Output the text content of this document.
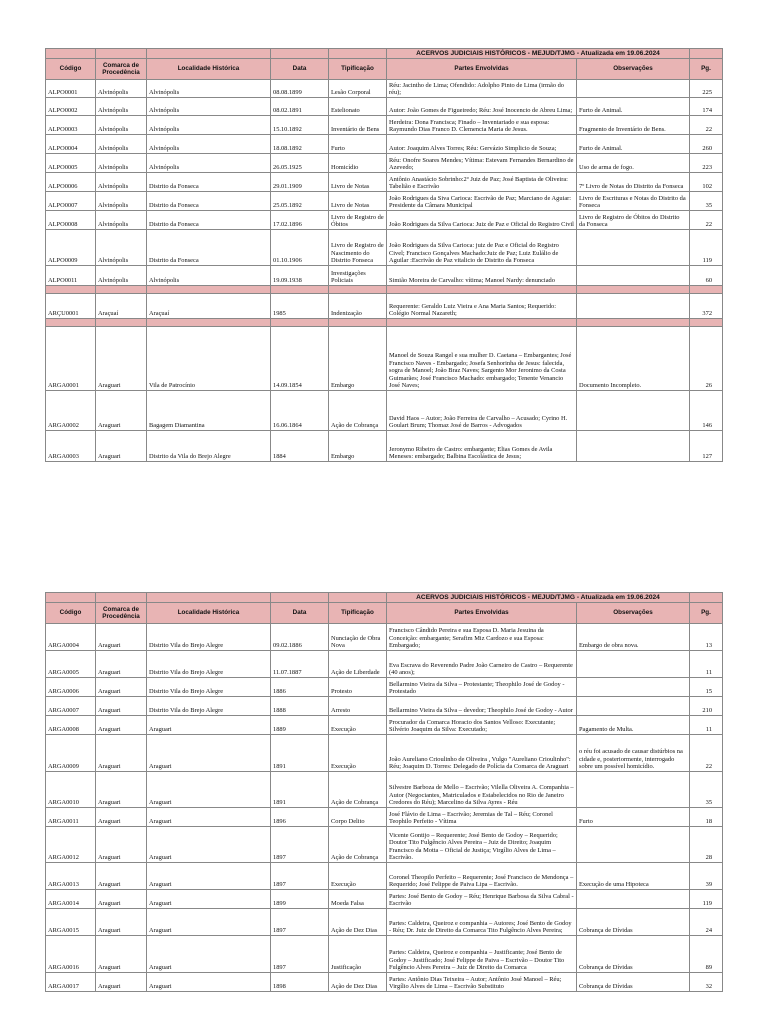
					ACERVOS JUDICIAIS HISTÓRICOS - MEJUD/TJMG - Atualizada em 19.06.2024		
Código	Comarca de Procedência	Localidade Histórica	Data	Tipificação	Partes Envolvidas	Observações	Pg.
ALPO0001	Alvinópolis	Alvinópolis	08.08.1899	Lesão Corporal	Réu: Jacintho de Lima; Ofendido: Adolpho Pinto de Lima (irmão do réu);		225
ALPO0002	Alvinópolis	Alvinópolis	08.02.1891	Estelionato	Autor: João Gomes de Figueiredo; Réu: José Inocencio de Abreu Lima;	Furto de Animal.	174
ALPO0003	Alvinópolis	Alvinópolis	15.10.1892	Inventário de Bens	Herdeira: Dona Francisca; Finado – Inventariado e sua esposa: Raymundo Dias Franco D. Clemencia Maria de Jesus.	Fragmento de Inventário de Bens.	22
ALPO0004	Alvinópolis	Alvinópolis	18.08.1892	Furto	Autor: Joaquim Alves Torres; Réu: Gervázio Simplicio de Souza;	Furto de Animal.	260
ALPO0005	Alvinópolis	Alvinópolis	26.05.1925	Homicídio	Réu: Onofre Soares Mendes; Vítima: Estevam Fernandes Bernardino de Azevedo;	Uso de arma de fogo.	223
ALPO0006	Alvinópolis	Distrito da Fonseca	29.01.1909	Livro de Notas	Antônio Anastácio Sobrinho:2º Juiz de Paz; José Baptista de Oliveira: Tabelião e Escrivão	7º Livro de Notas do Distrito da Fonseca	102
ALPO0007	Alvinópolis	Distrito da Fonseca	25.05.1892	Livro de Notas	João Rodrigues da Siva Carioca: Escrivão de Paz; Marciano de Aguiar: Presidente da Câmara Municipal	Livro de Escrituras e Notas do Distrito da Fonseca	35
ALPO0008	Alvinópolis	Distrito da Fonseca	17.02.1896	Livro de Registro de Óbitos	João Rodrigues da Silva Carioca: Juiz de Paz e Oficial do Registro Civil	Livro de Registro de Óbitos do Distrito da Fonseca	22
ALPO0009	Alvinópolis	Distrito da Fonseca	01.10.1906	Livro de Registro de Nascimento do Distrito Fonseca	João Rodrigues da Silva Carioca: juiz de Paz e Oficial do Registro Civel; Francisco Gonçalves Machado:Juiz de Paz; Luiz Eulálio de Aguilar :Escrivão de Paz vitalicio de Distrito da Fonseca		119
ALPO0011	Alvinópolis	Alvinópolis	19.09.1938	Investigações Policiais	Simião Moreira de Carvalho: vítima; Manoel Nardy: denunciado		60

ARÇU0001	Araçuaí	Araçuaí	1985	Indenização	Requerente: Geraldo Luiz Vieira e Ana Maria Santos; Requerido: Colégio Normal Nazareth;		372

ARGA0001	Araguari	Vila de Patrocínio	14.09.1854	Embargo	Manoel de Souza Rangel e sua mulher D. Caetana – Embargantes; José Francisco Naves - Embargado; Josefa Senhorinha de Jesus: falecida, sogra de Manoel; João Braz Naves; Sargento Mor Jeronimo da Costa Guimarães; José Francisco Machado: embargado; Tenente Venancio José Naves;	Documento Incompleto.	26
ARGA0002	Araguari	Bagagem Diamantina	16.06.1864	Ação de Cobrança	David Haos – Autor; João Ferreira de Carvalho – Acusado; Cyrino H. Goulart Brum; Thomaz José de Barros - Advogados		146
ARGA0003	Araguari	Distrito da Vila do Brejo Alegre	1884	Embargo	Jeronymo Ribeiro de Castro: embargante; Elias Gomes de Avila Meneses: embargado; Balbina Escolástica de Jesus;		127
					ACERVOS JUDICIAIS HISTÓRICOS - MEJUD/TJMG - Atualizada em 19.06.2024		
Código	Comarca de Procedência	Localidade Histórica	Data	Tipificação	Partes Envolvidas	Observações	Pg.
ARGA0004	Araguari	Distrito Vila do Brejo Alegre	09.02.1886	Nunciação de Obra Nova	Francisco Cândido Pereira e sua Esposa D. Maria Jesuina da Conceição: embargante; Serafim Miz Cardozo e sua Esposa: Embargado;	Embargo de obra nova.	13
ARGA0005	Araguari	Distrito Vila do Brejo Alegre	11.07.1887	Ação de Liberdade	Eva Escrava do Reverendo Padre João Carneiro de Castro – Requerente (40 anos);		11
ARGA0006	Araguari	Distrito Vila do Brejo Alegre	1886	Protesto	Bellarmino Vieira da Silva – Protestante; Theophilo José de Godoy - Protestado		15
ARGA0007	Araguari	Distrito Vila do Brejo Alegre	1888	Arresto	Bellarmino Vieira da Silva – devedor; Theophilo José de Godoy - Autor		210
ARGA0008	Araguari	Araguari	1889	Execução	Procurador da Comarca Horacio dos Santos Velloso: Executante; Silvério Joaquim da Silva: Executado;	Pagamento de Multa.	11
ARGA0009	Araguari	Araguari	1891	Execução	João Aureliano Crioulinho de Oliveira , Vulgo "Aureliano Crioulinho": Réu; Joaquim D. Torres: Delegado de Polícia da Comarca de Araguari	o réu foi acusado de causar distúrbios na cidade e, posteriormente, interrogado sobre um possível homicídio.	22
ARGA0010	Araguari	Araguari	1891	Ação de Cobrança	Silvestre Barboza de Mello – Escrivão; Vilella Oliveira A. Companhia – Autor (Negociantes, Matriculados e Estabelecidos no Rio de Janeiro Credores do Réu); Marcelino da Silva Ayres - Réu		35
ARGA0011	Araguari	Araguari	1896	Corpo Delito	José Flávio de Lima – Escrivão; Jeremias de Tal – Réu; Coronel Teophilo Perfeito - Vítima	Furto	18
ARGA0012	Araguari	Araguari	1897	Ação de Cobrança	Vicente Gontijo – Requerente; José Bento de Godoy – Requerido; Doutor Tito Fulgêncio Alves Pereira – Juiz de Direito; Joaquim Francisco da Motta – Oficial de Justiça; Virgílio Alves de Lima – Escrivão.		28
ARGA0013	Araguari	Araguari	1897	Execução	Coronel Theopilo Perfeito – Requerente; José Francisco de Mendonça – Requerido; José Felippe de Paiva Lipa – Escrivão.	Execução de uma Hipoteca	39
ARGA0014	Araguari	Araguari	1899	Moeda Falsa	Partes: José Bento de Godoy – Réu; Henrique Barbosa da Silva Cabral - Escrivão		119
ARGA0015	Araguari	Araguari	1897	Ação de Dez Dias	Partes: Caldeira, Queiroz e companhia – Autores; José Bento de Godoy - Réu; Dr. Juiz de Direito da Comarca Tito Fulgêncio Alves Pereira;	Cobrança de Dívidas	24
ARGA0016	Araguari	Araguari	1897	Justificação	Partes: Caldeira, Queiroz e companhia – Justificante; José Bento de Godoy – Justificado; José Felippe de Paiva – Escrivão – Doutor Tito Fulgêncio Alves Pereira – Juiz de Direito da Comarca	Cobrança de Dívidas	89
ARGA0017	Araguari	Araguari	1898	Ação de Dez Dias	Partes: Antônio Dias Teixeira – Autor; Antônio José Manoel – Réu; Virgílio Alves de Lima – Escrivão Substituto	Cobrança de Dívidas	32
